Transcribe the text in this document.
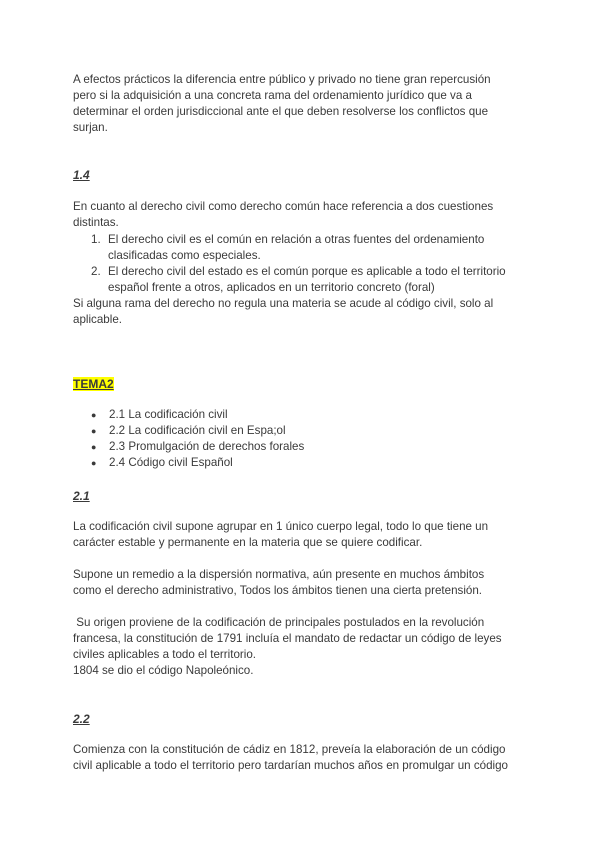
A efectos prácticos la diferencia entre público y privado no tiene gran repercusión
pero si la adquisición a una concreta rama del ordenamiento jurídico que va a
determinar el orden jurisdiccional ante el que deben resolverse los conflictos que
surjan.
1.4
En cuanto al derecho civil como derecho común hace referencia a dos cuestiones
distintas.
1. El derecho civil es el común en relación a otras fuentes del ordenamiento
clasificadas como especiales.
2. El derecho civil del estado es el común porque es aplicable a todo el territorio
español frente a otros, aplicados en un territorio concreto (foral)
Si alguna rama del derecho no regula una materia se acude al código civil, solo al
aplicable.
TEMA2
● 2.1 La codificación civil
● 2.2 La codificación civil en Espa;ol
● 2.3 Promulgación de derechos forales
● 2.4 Código civil Español
2.1
La codificación civil supone agrupar en 1 único cuerpo legal, todo lo que tiene un
carácter estable y permanente en la materia que se quiere codificar.
Supone un remedio a la dispersión normativa, aún presente en muchos ámbitos
como el derecho administrativo, Todos los ámbitos tienen una cierta pretensión.
Su origen proviene de la codificación de principales postulados en la revolución
francesa, la constitución de 1791 incluía el mandato de redactar un código de leyes
civiles aplicables a todo el territorio.
1804 se dio el código Napoleónico.
2.2
Comienza con la constitución de cádiz en 1812, preveía la elaboración de un código
civil aplicable a todo el territorio pero tardarían muchos años en promulgar un código
